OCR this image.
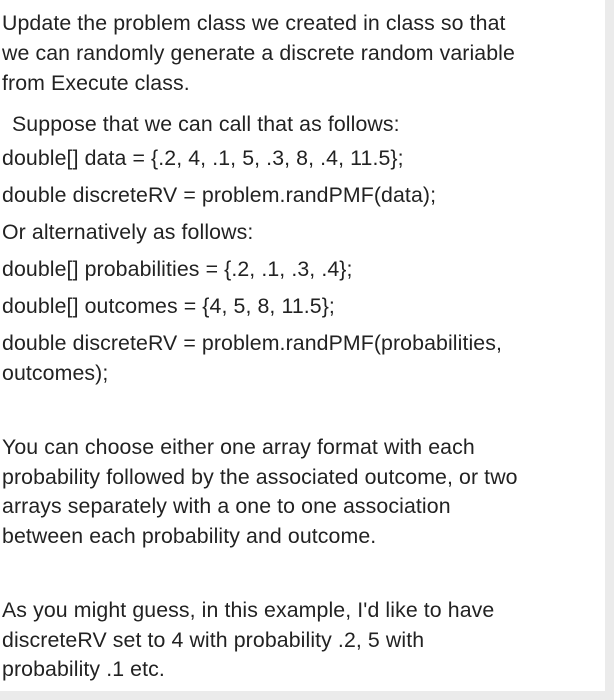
Update the problem class we created in class so that
we can randomly generate a discrete random variable
from Execute class.
Suppose that we can call that as follows:
double[] data = {.2, 4, .1, 5, .3, 8, .4, 11.5};
double discreteRV = problem.randPMF(data);
Or alternatively as follows:
double[] probabilities = {.2, .1, .3, .4};
double[] outcomes = {4, 5, 8, 11.5};
double discreteRV = problem.randPMF(probabilities,
outcomes);
You can choose either one array format with each
probability followed by the associated outcome, or two
arrays separately with a one to one association
between each probability and outcome.
As you might guess, in this example, I'd like to have
discreteRV set to 4 with probability .2, 5 with
probability .1 etc.
